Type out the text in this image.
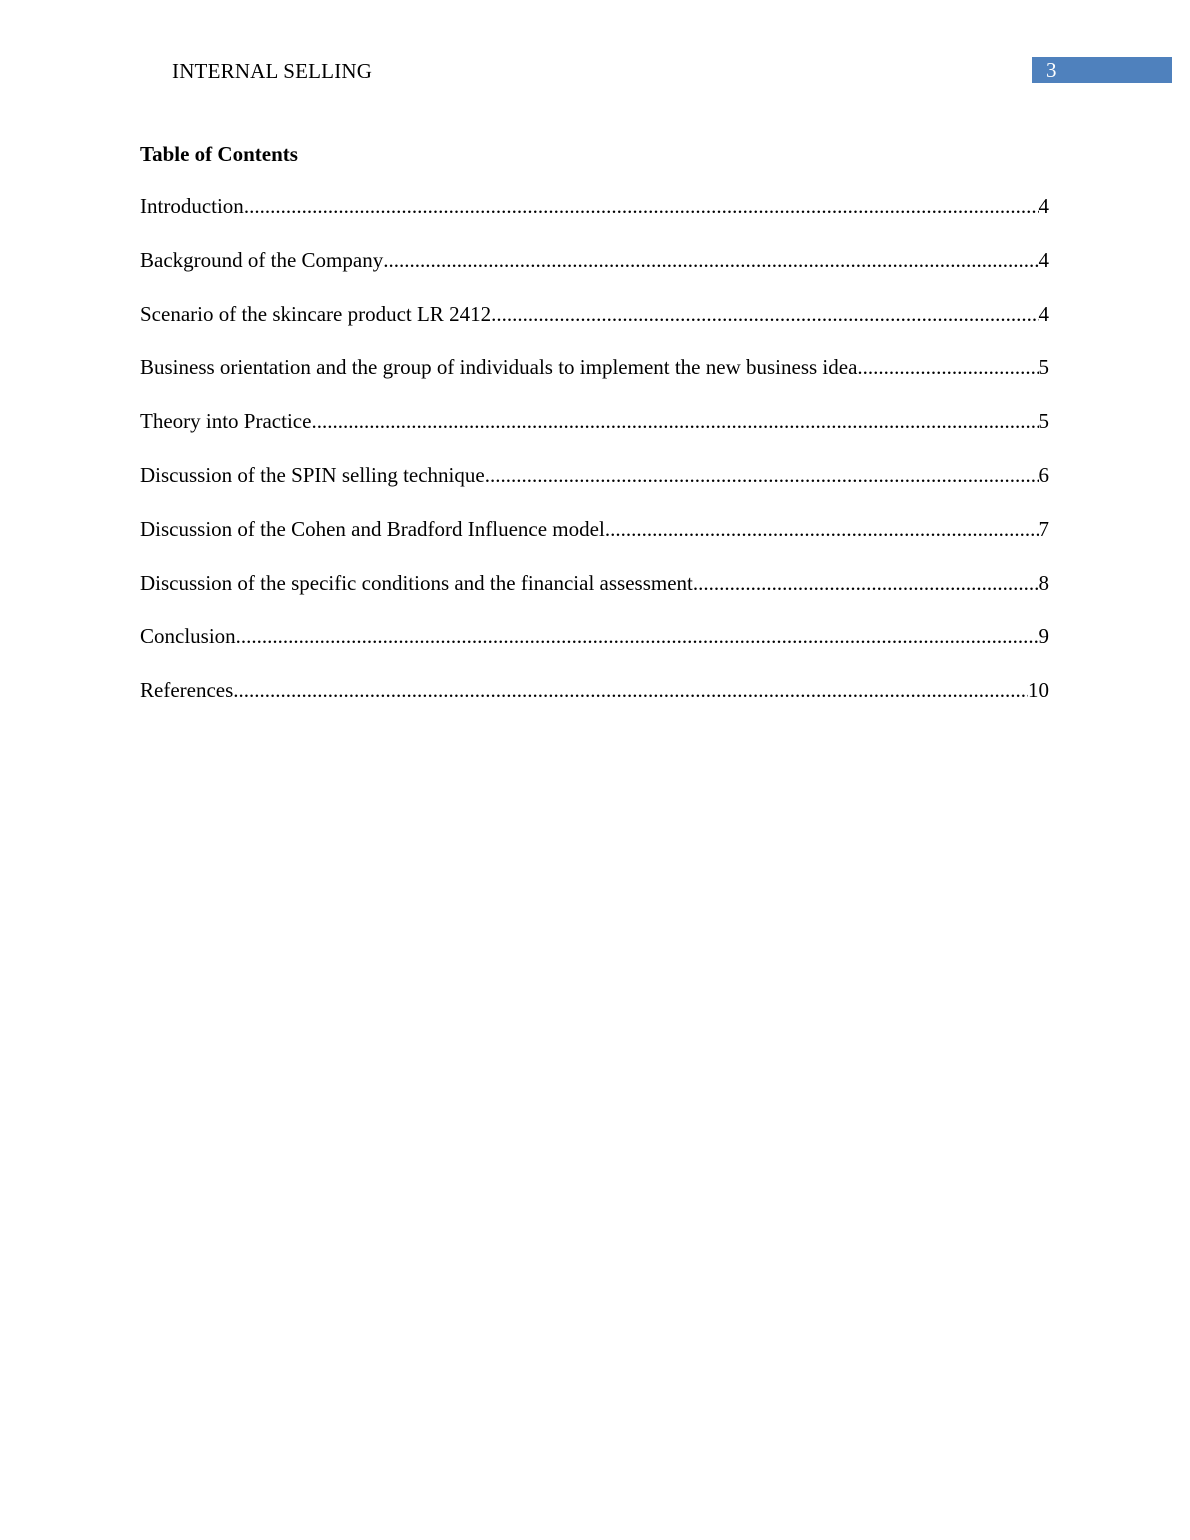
INTERNAL SELLING	3
Table of Contents
Introduction .....	4
Background of the Company .....	4
Scenario of the skincare product LR 2412 .....	4
Business orientation and the group of individuals to implement the new business idea .....	5
Theory into Practice .....	5
Discussion of the SPIN selling technique .....	6
Discussion of the Cohen and Bradford Influence model .....	7
Discussion of the specific conditions and the financial assessment .....	8
Conclusion .....	9
References .....	10
